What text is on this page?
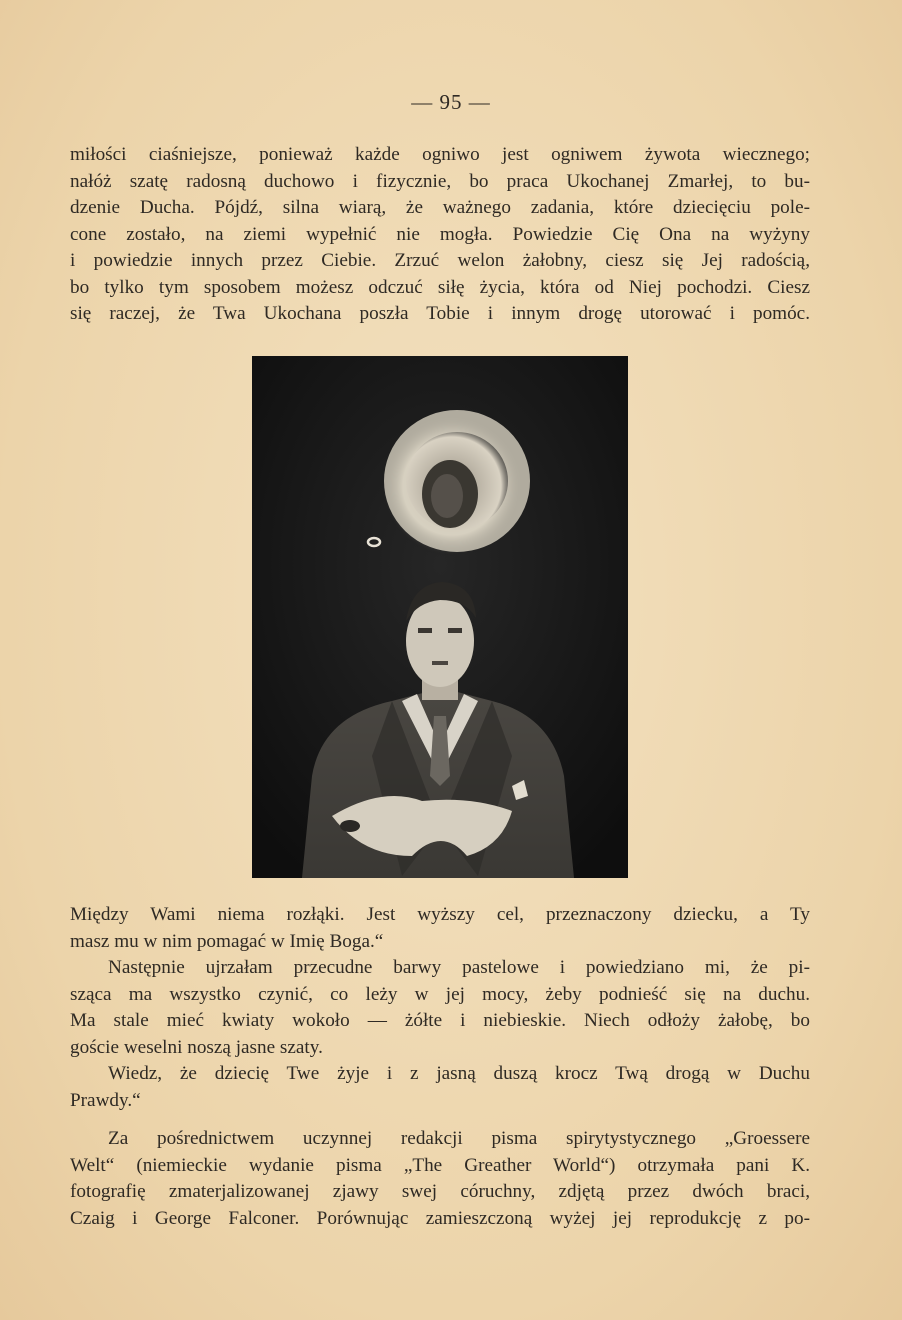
— 95 —
miłości ciaśniejsze, ponieważ każde ogniwo jest ogniwem żywota wiecznego;
nałóż szatę radosną duchowo i fizycznie, bo praca Ukochanej Zmarłej, to bu-
dzenie Ducha. Pójdź, silna wiarą, że ważnego zadania, które dziecięciu pole-
cone zostało, na ziemi wypełnić nie mogła. Powiedzie Cię Ona na wyżyny
i powiedzie innych przez Ciebie. Zrzuć welon żałobny, ciesz się Jej radością,
bo tylko tym sposobem możesz odczuć siłę życia, która od Niej pochodzi. Ciesz
się raczej, że Twa Ukochana poszła Tobie i innym drogę utorować i pomóc.
Między Wami niema rozłąki. Jest wyższy cel, przeznaczony dziecku, a Ty
masz mu w nim pomagać w Imię Boga.“
Następnie ujrzałam przecudne barwy pastelowe i powiedziano mi, że pi-
sząca ma wszystko czynić, co leży w jej mocy, żeby podnieść się na duchu.
Ma stale mieć kwiaty wokoło — żółte i niebieskie. Niech odłoży żałobę, bo
goście weselni noszą jasne szaty.
Wiedz, że dziecię Twe żyje i z jasną duszą krocz Twą drogą w Duchu
Prawdy.“
Za pośrednictwem uczynnej redakcji pisma spirytystycznego „Groessere
Welt“ (niemieckie wydanie pisma „The Greather World“) otrzymała pani K.
fotografię zmaterjalizowanej zjawy swej córuchny, zdjętą przez dwóch braci,
Czaig i George Falconer. Porównując zamieszczoną wyżej jej reprodukcję z po-
